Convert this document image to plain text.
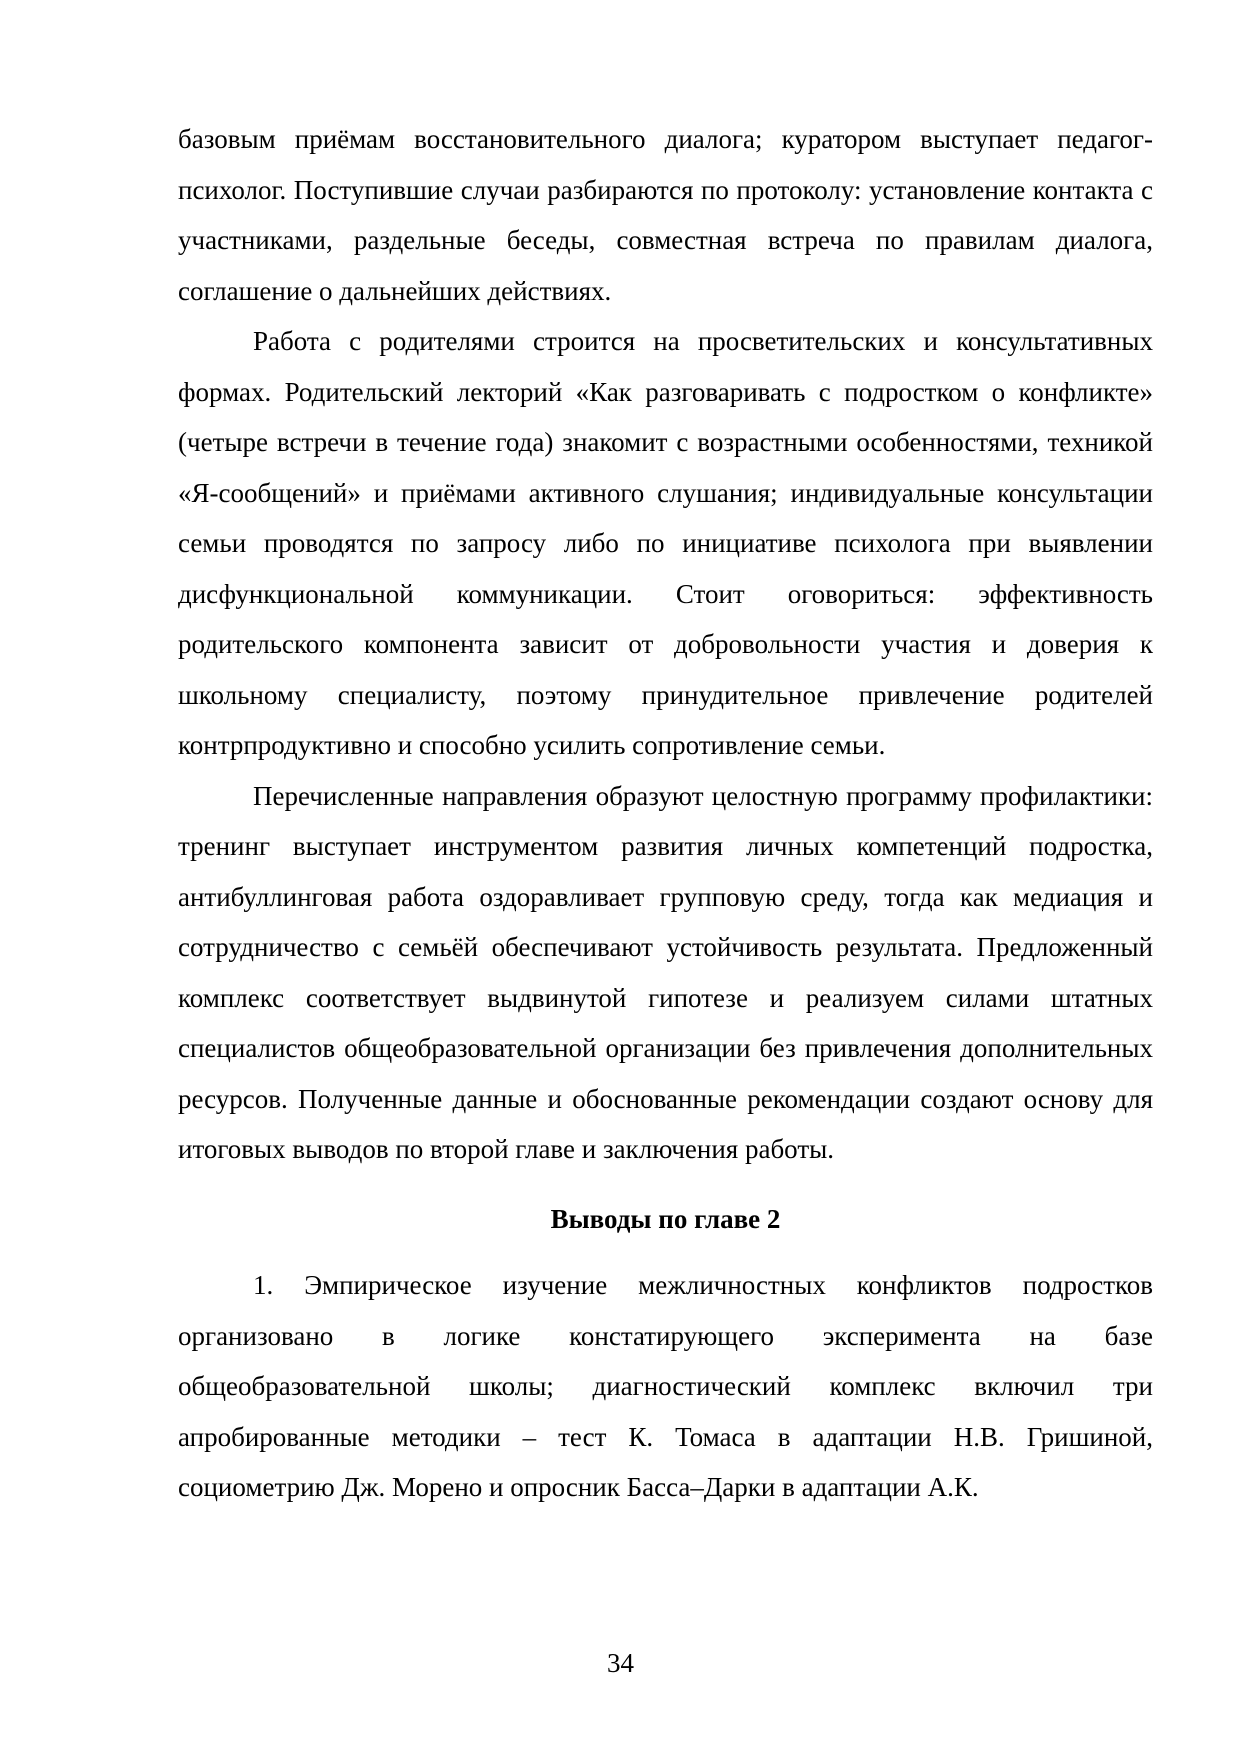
базовым приёмам восстановительного диалога; куратором выступает педагог-психолог. Поступившие случаи разбираются по протоколу: установление контакта с участниками, раздельные беседы, совместная встреча по правилам диалога, соглашение о дальнейших действиях.

Работа с родителями строится на просветительских и консультативных формах. Родительский лекторий «Как разговаривать с подростком о конфликте» (четыре встречи в течение года) знакомит с возрастными особенностями, техникой «Я-сообщений» и приёмами активного слушания; индивидуальные консультации семьи проводятся по запросу либо по инициативе психолога при выявлении дисфункциональной коммуникации. Стоит оговориться: эффективность родительского компонента зависит от добровольности участия и доверия к школьному специалисту, поэтому принудительное привлечение родителей контрпродуктивно и способно усилить сопротивление семьи.

Перечисленные направления образуют целостную программу профилактики: тренинг выступает инструментом развития личных компетенций подростка, антибуллинговая работа оздоравливает групповую среду, тогда как медиация и сотрудничество с семьёй обеспечивают устойчивость результата. Предложенный комплекс соответствует выдвинутой гипотезе и реализуем силами штатных специалистов общеобразовательной организации без привлечения дополнительных ресурсов. Полученные данные и обоснованные рекомендации создают основу для итоговых выводов по второй главе и заключения работы.

Выводы по главе 2

1. Эмпирическое изучение межличностных конфликтов подростков организовано в логике констатирующего эксперимента на базе общеобразовательной школы; диагностический комплекс включил три апробированные методики – тест К. Томаса в адаптации Н.В. Гришиной, социометрию Дж. Морено и опросник Басса–Дарки в адаптации А.К.

34
